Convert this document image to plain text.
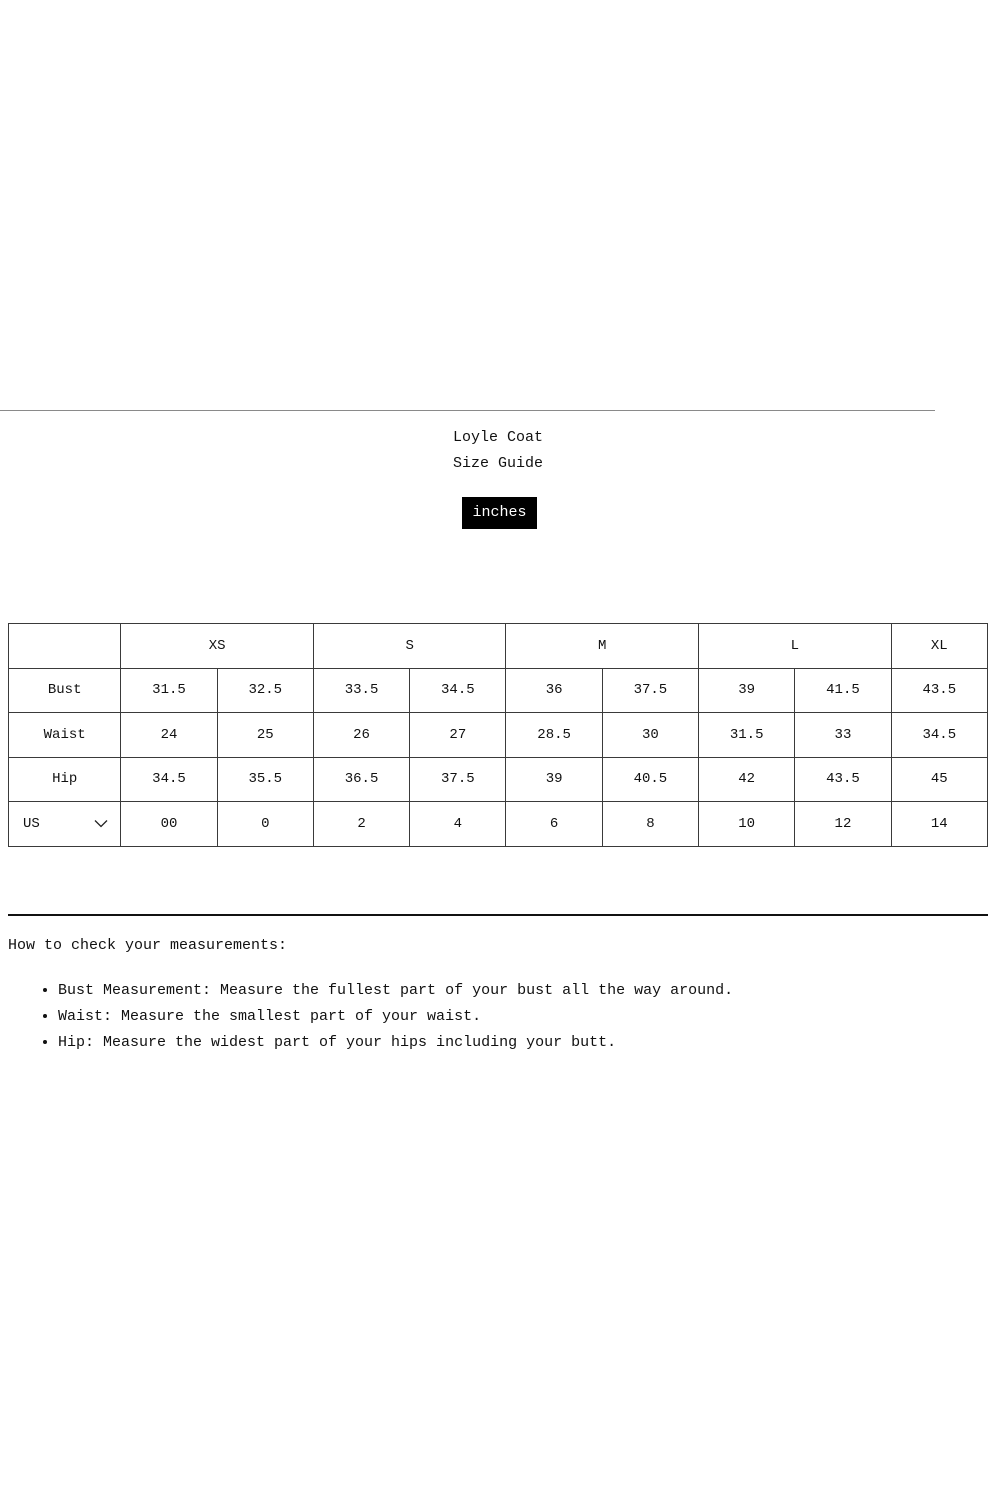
Loyle Coat
Size Guide
inches
	XS		S		M		L		XL
Bust	31.5	32.5	33.5	34.5	36	37.5	39	41.5	43.5
Waist	24	25	26	27	28.5	30	31.5	33	34.5
Hip	34.5	35.5	36.5	37.5	39	40.5	42	43.5	45

US	00	0	2	4	6	8	10	12	14
How to check your measurements:
• Bust Measurement: Measure the fullest part of your bust all the way around.
• Waist: Measure the smallest part of your waist.
• Hip: Measure the widest part of your hips including your butt.
